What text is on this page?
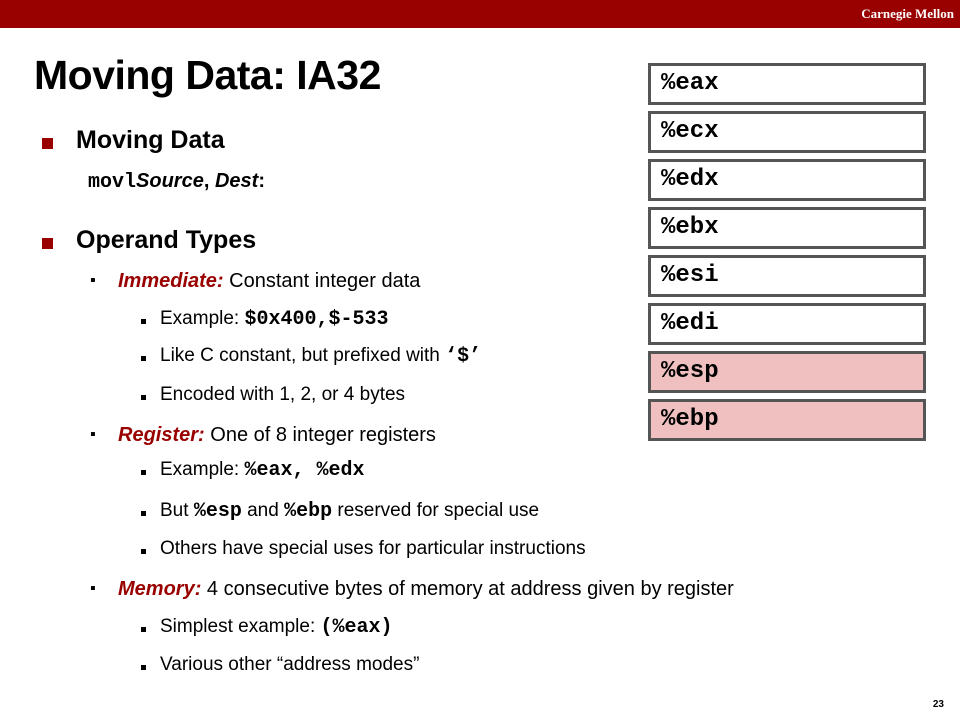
Carnegie Mellon
Moving Data: IA32
Moving Data
movlSource, Dest:
Operand Types
▪ Immediate: Constant integer data
Example: $0x400,$-533
Like C constant, but prefixed with ‘$’
Encoded with 1, 2, or 4 bytes
▪ Register: One of 8 integer registers
Example: %eax, %edx
But %esp and %ebp reserved for special use
Others have special uses for particular instructions
▪ Memory: 4 consecutive bytes of memory at address given by register
Simplest example: (%eax)
Various other “address modes”
%eax
%ecx
%edx
%ebx
%esi
%edi
%esp
%ebp
23
